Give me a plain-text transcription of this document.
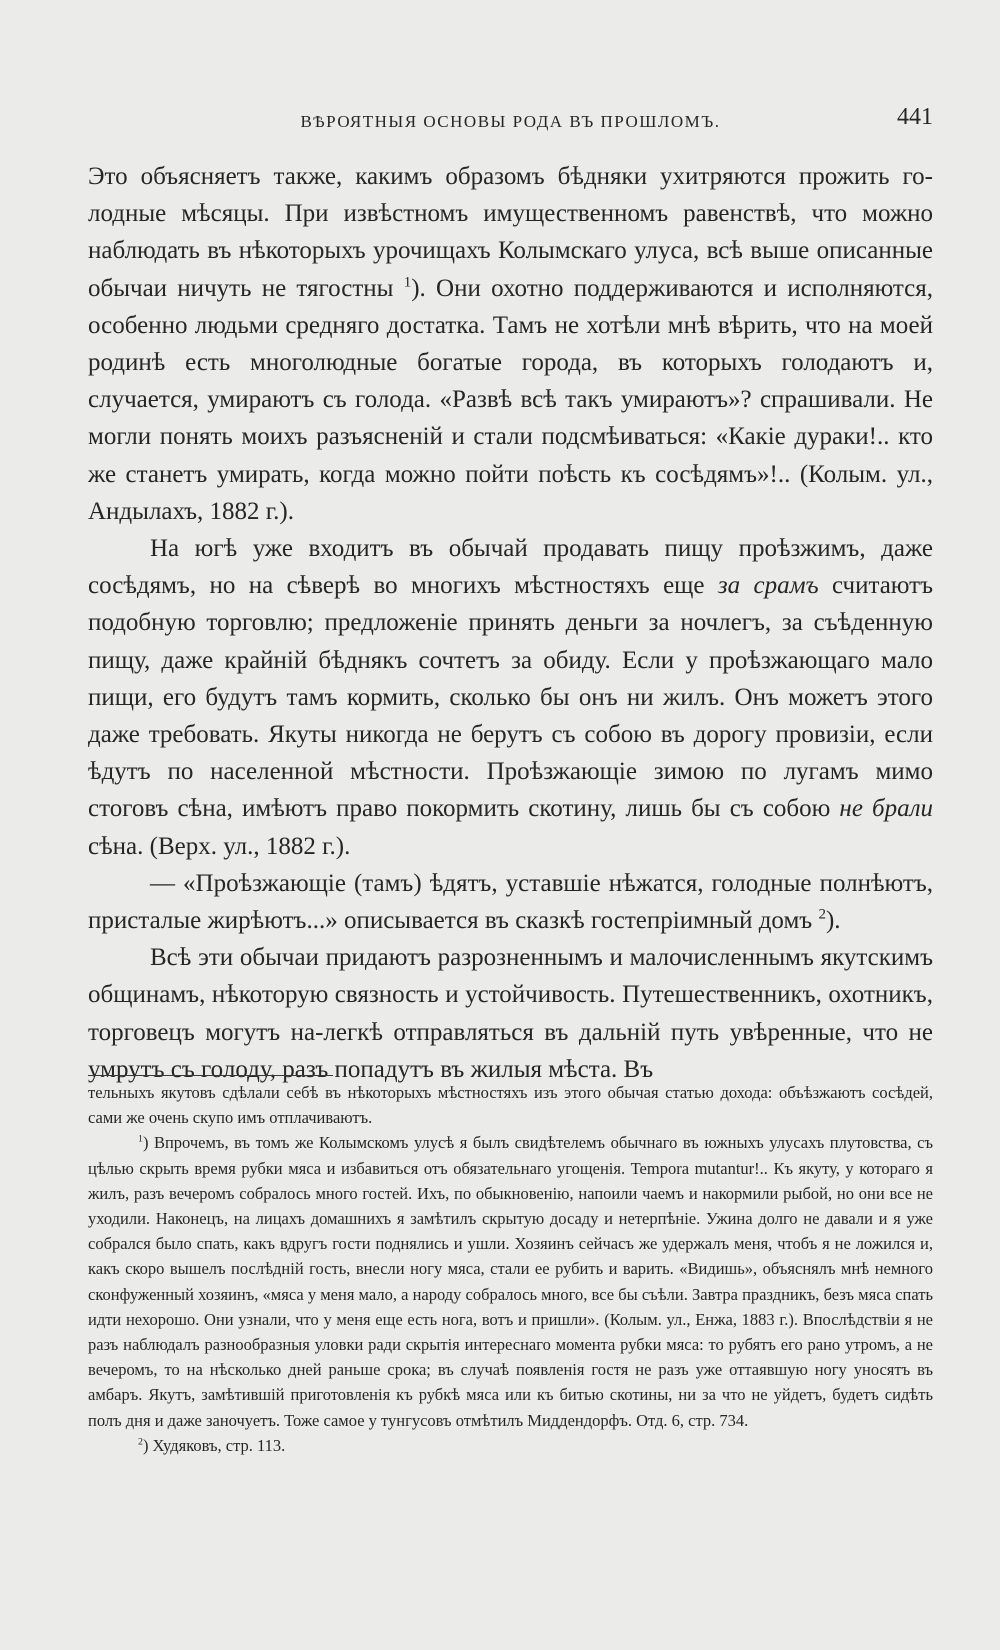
ВѢРОЯТНЫЯ ОСНОВЫ РОДА ВЪ ПРОШЛОМЪ.	441

Это объясняетъ также, какимъ образомъ бѣдняки ухитряются прожить голодные мѣсяцы. При извѣстномъ имущественномъ равенствѣ, что можно наблюдать въ нѣкоторыхъ урочищахъ Колымскаго улуса, всѣ выше описанные обычаи ничуть не тягостны $^1$). Они охотно поддерживаются и исполняются, особенно людьми средняго достатка. Тамъ не хотѣли мнѣ вѣрить, что на моей родинѣ есть многолюдные богатые города, въ которыхъ голодаютъ и, случается, умираютъ съ голода. «Развѣ всѣ такъ умираютъ»? спрашивали. Не могли понять моихъ разъясненій и стали подсмѣиваться: «Какіе дураки!.. кто же станетъ умирать, когда можно пойти поѣсть къ сосѣдямъ»!.. (Колым. ул., Андылахъ, 1882 г.).

На югѣ уже входитъ въ обычай продавать пищу проѣзжимъ, даже сосѣдямъ, но на сѣверѣ во многихъ мѣстностяхъ еще за срамъ считаютъ подобную торговлю; предложеніе принять деньги за ночлегъ, за съѣденную пищу, даже крайній бѣднякъ сочтетъ за обиду. Если у проѣзжающаго мало пищи, его будутъ тамъ кормить, сколько бы онъ ни жилъ. Онъ можетъ этого даже требовать. Якуты никогда не берутъ съ собою въ дорогу провизіи, если ѣдутъ по населенной мѣстности. Проѣзжающіе зимою по лугамъ мимо стоговъ сѣна, имѣютъ право покормить скотину, лишь бы съ собою не брали сѣна. (Верх. ул., 1882 г.).

— «Проѣзжающіе (тамъ) ѣдятъ, уставшіе нѣжатся, голодные полнѣютъ, присталые жирѣютъ...» описывается въ сказкѣ гостепріимный домъ $^2$).

Всѣ эти обычаи придаютъ разрозненнымъ и малочисленнымъ якутскимъ общинамъ, нѣкоторую связность и устойчивость. Путешественникъ, охотникъ, торговецъ могутъ на-легкѣ отправляться въ дальній путь увѣренные, что не умрутъ съ голоду, разъ попадутъ въ жилыя мѣста. Въ

тельныхъ якутовъ сдѣлали себѣ въ нѣкоторыхъ мѣстностяхъ изъ этого обычая статью дохода: объѣзжаютъ сосѣдей, сами же очень скупо имъ отплачиваютъ.

$^1$) Впрочемъ, въ томъ же Колымскомъ улусѣ я былъ свидѣтелемъ обычнаго въ южныхъ улусахъ плутовства, съ цѣлью скрыть время рубки мяса и избавиться отъ обязательнаго угощенія. Tempora mutantur!.. Къ якуту, у котораго я жилъ, разъ вечеромъ собралось много гостей. Ихъ, по обыкновенію, напоили чаемъ и накормили рыбой, но они все не уходили. Наконецъ, на лицахъ домашнихъ я замѣтилъ скрытую досаду и нетерпѣніе. Ужина долго не давали и я уже собрался было спать, какъ вдругъ гости поднялись и ушли. Хозяинъ сейчасъ же удержалъ меня, чтобъ я не ложился и, какъ скоро вышелъ послѣдній гость, внесли ногу мяса, стали ее рубить и варить. «Видишь», объяснялъ мнѣ немного сконфуженный хозяинъ, «мяса у меня мало, а народу собралось много, все бы съѣли. Завтра праздникъ, безъ мяса спать идти нехорошо. Они узнали, что у меня еще есть нога, вотъ и пришли». (Колым. ул., Енжа, 1883 г.). Впослѣдствіи я не разъ наблюдалъ разнообразныя уловки ради скрытія интереснаго момента рубки мяса: то рубятъ его рано утромъ, а не вечеромъ, то на нѣсколько дней раньше срока; въ случаѣ появленія гостя не разъ уже оттаявшую ногу уносятъ въ амбаръ. Якутъ, замѣтившій приготовленія къ рубкѣ мяса или къ битью скотины, ни за что не уйдетъ, будетъ сидѣть полъ дня и даже заночуетъ. Тоже самое у тунгусовъ отмѣтилъ Миддендорфъ. Отд. 6, стр. 734.

$^2$) Худяковъ, стр. 113.
